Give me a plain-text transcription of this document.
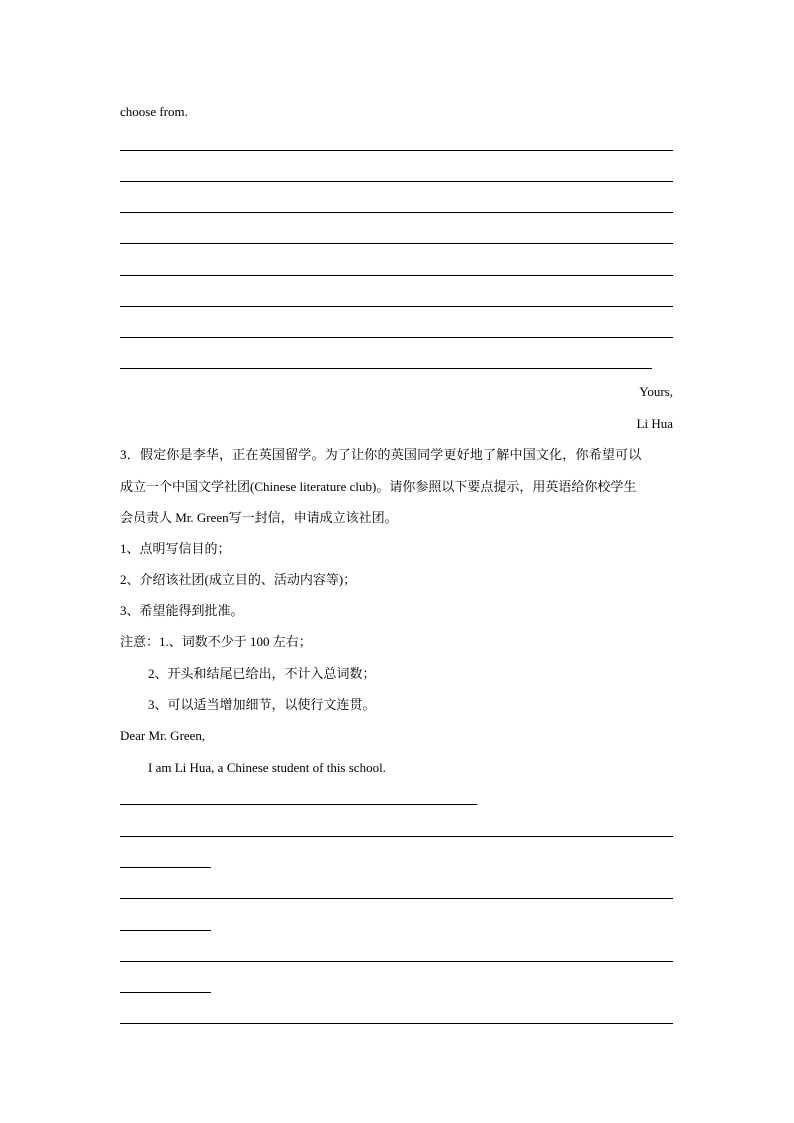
choose from.
Yours,
Li Hua
3．假定你是李华，正在英国留学。为了让你的英国同学更好地了解中国文化，你希望可以
成立一个中国文学社团(Chinese literature club)。请你参照以下要点提示，用英语给你校学生
会员责人 Mr. Green写一封信，申请成立该社团。
1、点明写信目的；
2、介绍该社团(成立目的、活动内容等)；
3、希望能得到批准。
注意：1.、词数不少于 100 左右；
2、开头和结尾已给出，不计入总词数；
3、可以适当增加细节，以使行文连贯。
Dear Mr. Green,
I am Li Hua, a Chinese student of this school.
